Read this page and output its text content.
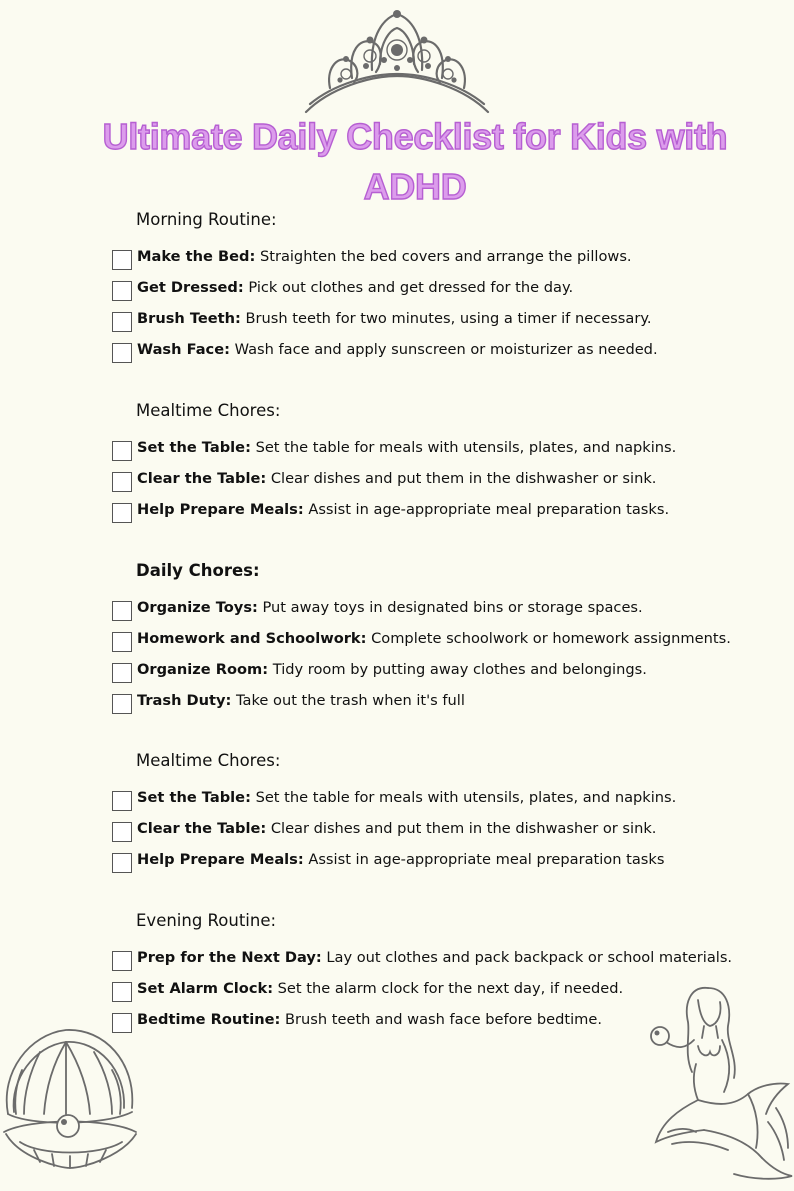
Ultimate Daily Checklist for Kids with ADHD
Morning Routine:
Make the Bed: Straighten the bed covers and arrange the pillows.
Get Dressed: Pick out clothes and get dressed for the day.
Brush Teeth: Brush teeth for two minutes, using a timer if necessary.
Wash Face: Wash face and apply sunscreen or moisturizer as needed.
Mealtime Chores:
Set the Table: Set the table for meals with utensils, plates, and napkins.
Clear the Table: Clear dishes and put them in the dishwasher or sink.
Help Prepare Meals: Assist in age-appropriate meal preparation tasks.
Daily Chores:
Organize Toys: Put away toys in designated bins or storage spaces.
Homework and Schoolwork: Complete schoolwork or homework assignments.
Organize Room: Tidy room by putting away clothes and belongings.
Trash Duty: Take out the trash when it's full
Mealtime Chores:
Set the Table: Set the table for meals with utensils, plates, and napkins.
Clear the Table: Clear dishes and put them in the dishwasher or sink.
Help Prepare Meals: Assist in age-appropriate meal preparation tasks
Evening Routine:
Prep for the Next Day: Lay out clothes and pack backpack or school materials.
Set Alarm Clock: Set the alarm clock for the next day, if needed.
Bedtime Routine: Brush teeth and wash face before bedtime.
